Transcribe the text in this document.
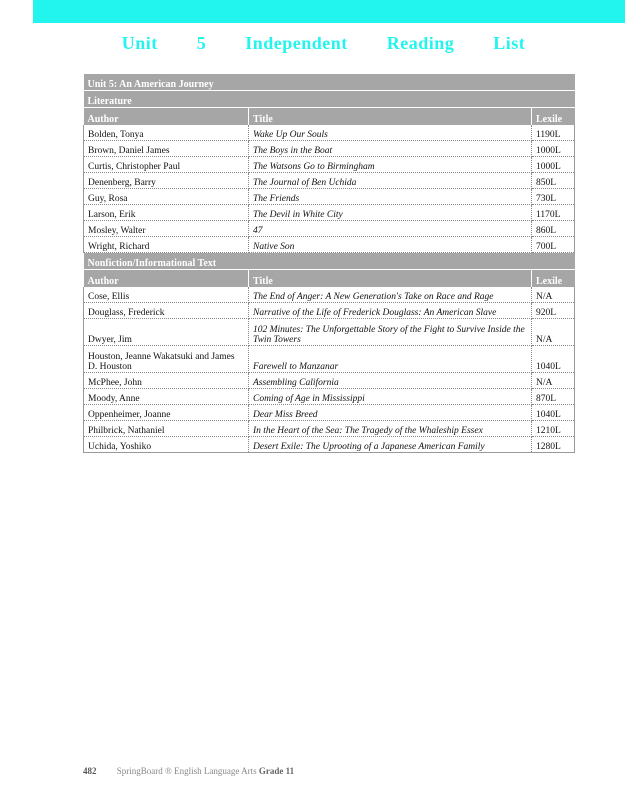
Unit 5 Independent Reading List
Unit 5: An American Journey		
Literature		
Author	Title	Lexile
Bolden, Tonya	Wake Up Our Souls	1190L
Brown, Daniel James	The Boys in the Boat	1000L
Curtis, Christopher Paul	The Watsons Go to Birmingham	1000L
Denenberg, Barry	The Journal of Ben Uchida	850L
Guy, Rosa	The Friends	730L
Larson, Erik	The Devil in White City	1170L
Mosley, Walter	47	860L
Wright, Richard	Native Son	700L
Nonfiction/Informational Text		
Author	Title	Lexile
Cose, Ellis	The End of Anger: A New Generation's Take on Race and Rage	N/A
Douglass, Frederick	Narrative of the Life of Frederick Douglass: An American Slave	920L
Dwyer, Jim	102 Minutes: The Unforgettable Story of the Fight to Survive Inside the Twin Towers	N/A
Houston, Jeanne Wakatsuki and James D. Houston	Farewell to Manzanar	1040L
McPhee, John	Assembling California	N/A
Moody, Anne	Coming of Age in Mississippi	870L
Oppenheimer, Joanne	Dear Miss Breed	1040L
Philbrick, Nathaniel	In the Heart of the Sea: The Tragedy of the Whaleship Essex	1210L
Uchida, Yoshiko	Desert Exile: The Uprooting of a Japanese American Family	1280L
482 SpringBoard ® English Language Arts Grade 11
